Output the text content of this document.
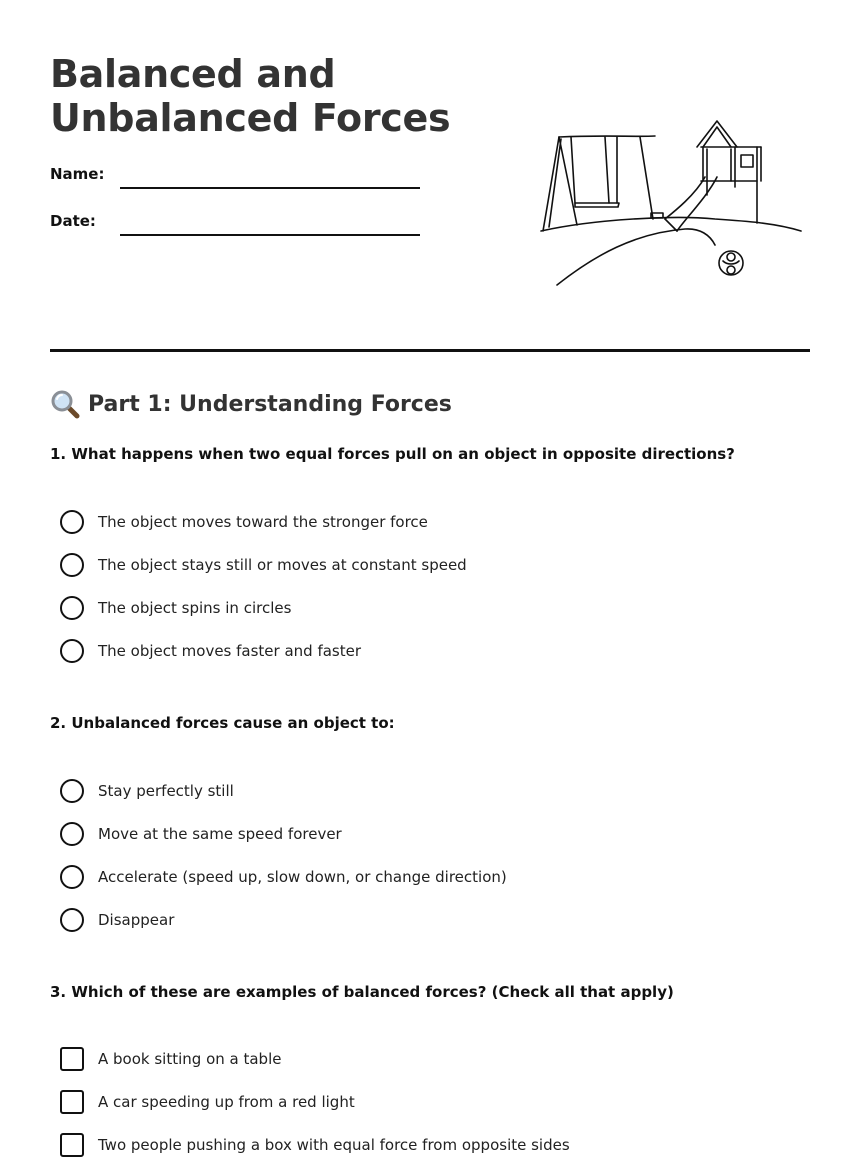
Balanced and
Unbalanced Forces
Name:
Date:
Part 1: Understanding Forces
1. What happens when two equal forces pull on an object in opposite directions?
The object moves toward the stronger force
The object stays still or moves at constant speed
The object spins in circles
The object moves faster and faster
2. Unbalanced forces cause an object to:
Stay perfectly still
Move at the same speed forever
Accelerate (speed up, slow down, or change direction)
Disappear
3. Which of these are examples of balanced forces? (Check all that apply)
A book sitting on a table
A car speeding up from a red light
Two people pushing a box with equal force from opposite sides
